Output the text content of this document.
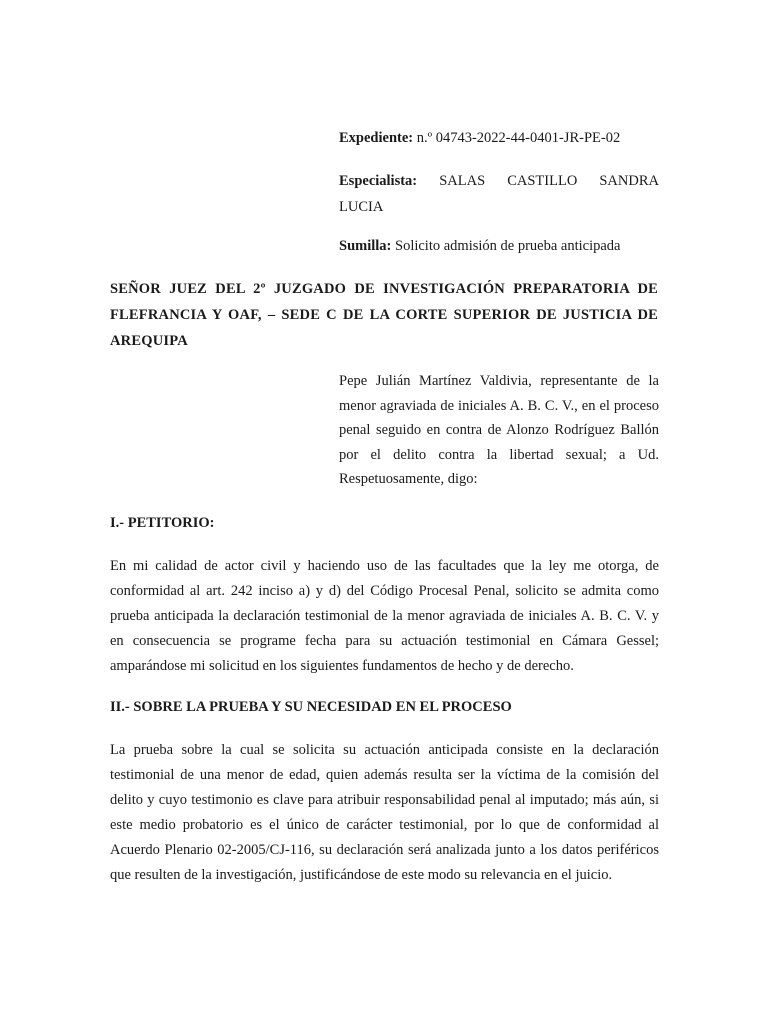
Expediente: n.º 04743-2022-44-0401-JR-PE-02

Especialista: SALAS CASTILLO SANDRA

LUCIA

Sumilla: Solicito admisión de prueba anticipada

SEÑOR JUEZ DEL 2º JUZGADO DE INVESTIGACIÓN PREPARATORIA DE
FLEFRANCIA Y OAF, – SEDE C DE LA CORTE SUPERIOR DE JUSTICIA DE
AREQUIPA
Pepe Julián Martínez Valdivia, representante de la menor agraviada de iniciales A. B. C. V., en el proceso penal seguido en contra de Alonzo Rodríguez Ballón por el delito contra la libertad sexual; a Ud. Respetuosamente, digo:

I.- PETITORIO:

En mi calidad de actor civil y haciendo uso de las facultades que la ley me otorga, de conformidad al art. 242 inciso a) y d) del Código Procesal Penal, solicito se admita como prueba anticipada la declaración testimonial de la menor agraviada de iniciales A. B. C. V. y en consecuencia se programe fecha para su actuación testimonial en Cámara Gessel; amparándose mi solicitud en los siguientes fundamentos de hecho y de derecho.

II.- SOBRE LA PRUEBA Y SU NECESIDAD EN EL PROCESO

La prueba sobre la cual se solicita su actuación anticipada consiste en la declaración testimonial de una menor de edad, quien además resulta ser la víctima de la comisión del delito y cuyo testimonio es clave para atribuir responsabilidad penal al imputado; más aún, si este medio probatorio es el único de carácter testimonial, por lo que de conformidad al Acuerdo Plenario 02-2005/CJ-116, su declaración será analizada junto a los datos periféricos que resulten de la investigación, justificándose de este modo su relevancia en el juicio.
